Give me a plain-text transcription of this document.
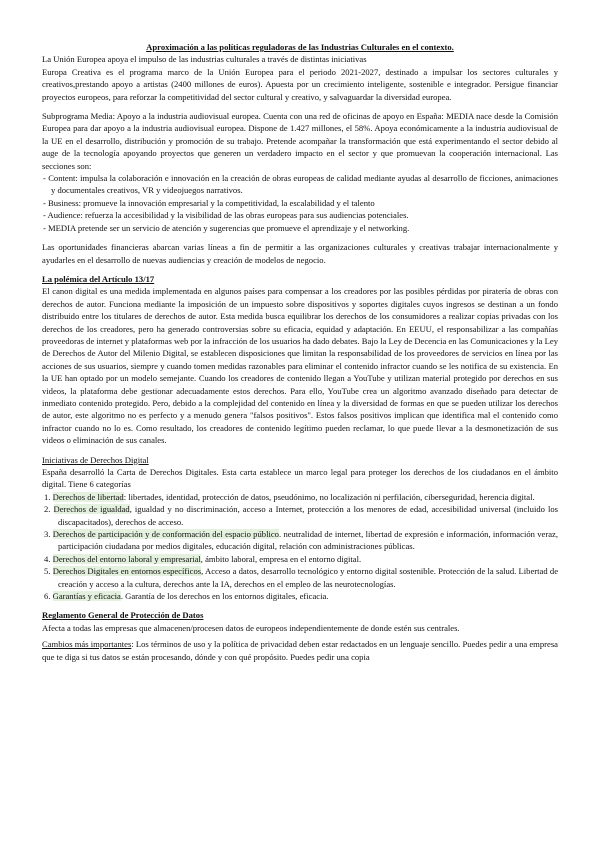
Aproximación a las políticas reguladoras de las Industrias Culturales en el contexto.

La Unión Europea apoya el impulso de las industrias culturales a través de distintas iniciativas

Europa Creativa es el programa marco de la Unión Europea para el periodo 2021-2027, destinado a impulsar los sectores culturales y creativos,prestando apoyo a artistas (2400 millones de euros). Apuesta por un crecimiento inteligente, sostenible e integrador. Persigue financiar proyectos europeos, para reforzar la competitividad del sector cultural y creativo, y salvaguardar la diversidad europea.

Subprograma Media: Apoyo a la industria audiovisual europea. Cuenta con una red de oficinas de apoyo en España: MEDIA nace desde la Comisión Europea para dar apoyo a la industria audiovisual europea. Dispone de 1.427 millones, el 58%. Apoya económicamente a la industria audiovisual de la UE en el desarrollo, distribución y promoción de su trabajo. Pretende acompañar la transformación que está experimentando el sector debido al auge de la tecnología apoyando proyectos que generen un verdadero impacto en el sector y que promuevan la cooperación internacional. Las secciones son:

- Content: impulsa la colaboración e innovación en la creación de obras europeas de calidad mediante ayudas al desarrollo de ficciones, animaciones y documentales creativos, VR y videojuegos narrativos.
- Business: promueve la innovación empresarial y la competitividad, la escalabilidad y el talento
- Audience: refuerza la accesibilidad y la visibilidad de las obras europeas para sus audiencias potenciales.
- MEDIA pretende ser un servicio de atención y sugerencias que promueve el aprendizaje y el networking.

Las oportunidades financieras abarcan varias líneas a fin de permitir a las organizaciones culturales y creativas trabajar internacionalmente y ayudarles en el desarrollo de nuevas audiencias y creación de modelos de negocio.

La polémica del Artículo 13/17

El canon digital es una medida implementada en algunos países para compensar a los creadores por las posibles pérdidas por piratería de obras con derechos de autor. Funciona mediante la imposición de un impuesto sobre dispositivos y soportes digitales cuyos ingresos se destinan a un fondo distribuido entre los titulares de derechos de autor. Esta medida busca equilibrar los derechos de los consumidores a realizar copias privadas con los derechos de los creadores, pero ha generado controversias sobre su eficacia, equidad y adaptación. En EEUU, el responsabilizar a las compañías proveedoras de internet y plataformas web por la infracción de los usuarios ha dado debates. Bajo la Ley de Decencia en las Comunicaciones y la Ley de Derechos de Autor del Milenio Digital, se establecen disposiciones que limitan la responsabilidad de los proveedores de servicios en línea por las acciones de sus usuarios, siempre y cuando tomen medidas razonables para eliminar el contenido infractor cuando se les notifica de su existencia. En la UE han optado por un modelo semejante. Cuando los creadores de contenido llegan a YouTube y utilizan material protegido por derechos en sus videos, la plataforma debe gestionar adecuadamente estos derechos. Para ello, YouTube crea un algoritmo avanzado diseñado para detectar de inmediato contenido protegido. Pero, debido a la complejidad del contenido en línea y la diversidad de formas en que se pueden utilizar los derechos de autor, este algoritmo no es perfecto y a menudo genera "falsos positivos". Estos falsos positivos implican que identifica mal el contenido como infractor cuando no lo es. Como resultado, los creadores de contenido legítimo pueden reclamar, lo que puede llevar a la desmonetización de sus videos o eliminación de sus canales.

Iniciativas de Derechos Digital

España desarrolló la Carta de Derechos Digitales. Esta carta establece un marco legal para proteger los derechos de los ciudadanos en el ámbito digital. Tiene 6 categorías

1. Derechos de libertad: libertades, identidad, protección de datos, pseudónimo, no localización ni perfilación, ciberseguridad, herencia digital.
2. Derechos de igualdad, igualdad y no discriminación, acceso a Internet, protección a los menores de edad, accesibilidad universal (incluido los discapacitados), derechos de acceso.
3. Derechos de participación y de conformación del espacio público. neutralidad de internet, libertad de expresión e información, información veraz, participación ciudadana por medios digitales, educación digital, relación con administraciones públicas.
4. Derechos del entorno laboral y empresarial, ámbito laboral, empresa en el entorno digital.
5. Derechos Digitales en entornos específicos, Acceso a datos, desarrollo tecnológico y entorno digital sostenible. Protección de la salud. Libertad de creación y acceso a la cultura, derechos ante la IA, derechos en el empleo de las neurotecnologías.
6. Garantías y eficacia. Garantía de los derechos en los entornos digitales, eficacia.

Reglamento General de Protección de Datos

Afecta a todas las empresas que almacenen/procesen datos de europeos independientemente de donde estén sus centrales.

Cambios más importantes: Los términos de uso y la política de privacidad deben estar redactados en un lenguaje sencillo. Puedes pedir a una empresa que te diga si tus datos se están procesando, dónde y con qué propósito. Puedes pedir una copia
